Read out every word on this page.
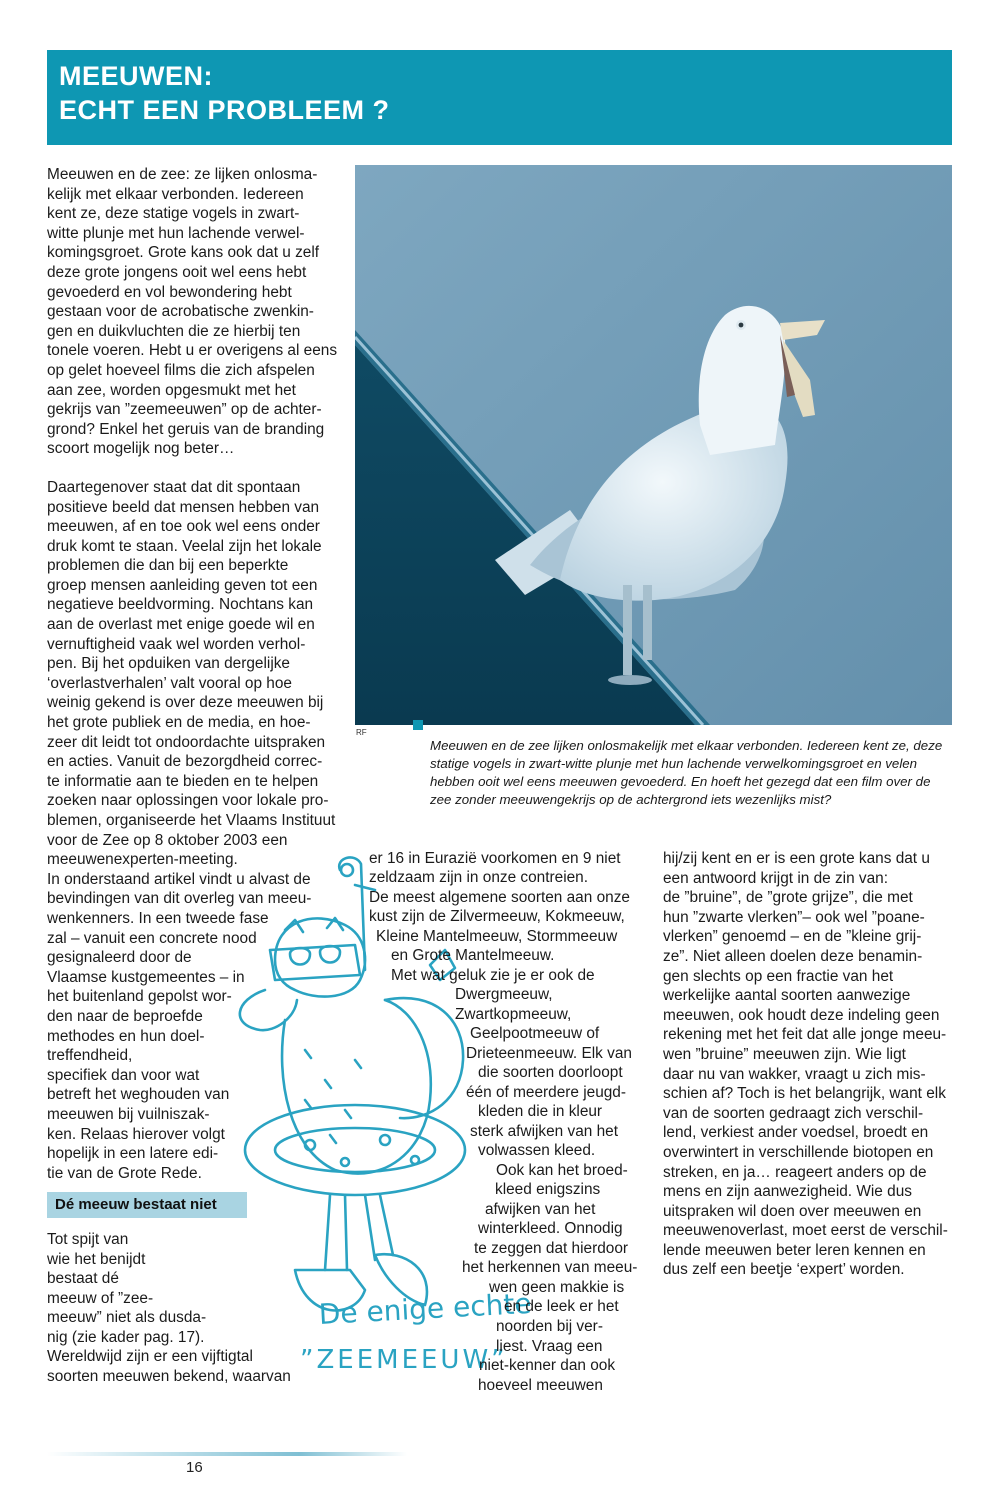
MEEUWEN:
ECHT EEN PROBLEEM ?
Meeuwen en de zee: ze lijken onlosma-
kelijk met elkaar verbonden. Iedereen
kent ze, deze statige vogels in zwart-
witte plunje met hun lachende verwel-
komingsgroet. Grote kans ook dat u zelf
deze grote jongens ooit wel eens hebt
gevoederd en vol bewondering hebt
gestaan voor de acrobatische zwenkin-
gen en duikvluchten die ze hierbij ten
tonele voeren. Hebt u er overigens al eens
op gelet hoeveel films die zich afspelen
aan zee, worden opgesmukt met het
gekrijs van ”zeemeeuwen” op de achter-
grond? Enkel het geruis van de branding
scoort mogelijk nog beter…
Daartegenover staat dat dit spontaan
positieve beeld dat mensen hebben van
meeuwen, af en toe ook wel eens onder
druk komt te staan. Veelal zijn het lokale
problemen die dan bij een beperkte
groep mensen aanleiding geven tot een
negatieve beeldvorming. Nochtans kan
aan de overlast met enige goede wil en
vernuftigheid vaak wel worden verhol-
pen. Bij het opduiken van dergelijke
‘overlastverhalen’ valt vooral op hoe
weinig gekend is over deze meeuwen bij
het grote publiek en de media, en hoe-
zeer dit leidt tot ondoordachte uitspraken
en acties. Vanuit de bezorgdheid correc-
te informatie aan te bieden en te helpen
zoeken naar oplossingen voor lokale pro-
blemen, organiseerde het Vlaams Instituut
voor de Zee op 8 oktober 2003 een
meeuwenexperten-meeting.
In onderstaand artikel vindt u alvast de
bevindingen van dit overleg van meeu-
wenkenners. In een tweede fase
zal – vanuit een concrete nood
gesignaleerd door de
Vlaamse kustgemeentes – in
het buitenland gepolst wor-
den naar de beproefde
methodes en hun doel-
treffendheid,
specifiek dan voor wat
betreft het weghouden van
meeuwen bij vuilniszak-
ken. Relaas hierover volgt
hopelijk in een latere edi-
tie van de Grote Rede.
RF
Meeuwen en de zee lijken onlosmakelijk met elkaar verbonden. Iedereen kent ze, deze statige vogels in zwart-witte plunje met hun lachende verwelkomingsgroet en velen hebben ooit wel eens meeuwen gevoederd. En hoeft het gezegd dat een film over de zee zonder meeuwengekrijs op de achtergrond iets wezenlijks mist?
Dé meeuw bestaat niet
hij/zij kent en er is een grote kans dat u
een antwoord krijgt in de zin van:
de ”bruine”, de ”grote grijze”, die met
hun ”zwarte vlerken”– ook wel ”poane-
vlerken” genoemd – en de ”kleine grij-
ze”. Niet alleen doelen deze benamin-
gen slechts op een fractie van het
werkelijke aantal soorten aanwezige
meeuwen, ook houdt deze indeling geen
rekening met het feit dat alle jonge meeu-
wen ”bruine” meeuwen zijn. Wie ligt
daar nu van wakker, vraagt u zich mis-
schien af? Toch is het belangrijk, want elk
van de soorten gedraagt zich verschil-
lend, verkiest ander voedsel, broedt en
overwintert in verschillende biotopen en
streken, en ja… reageert anders op de
mens en zijn aanwezigheid. Wie dus
uitspraken wil doen over meeuwen en
meeuwenoverlast, moet eerst de verschil-
lende meeuwen beter leren kennen en
dus zelf een beetje ‘expert’ worden.
De enige echte
”ZEEMEEUW”
16
Tot spijt van
wie het benijdt
bestaat dé
meeuw of ”zee-
meeuw” niet als dusda-
nig (zie kader pag. 17).
Wereldwijd zijn er een vijftigtal
soorten meeuwen bekend, waarvan
er 16 in Eurazië voorkomen en 9 niet
zeldzaam zijn in onze contreien.
De meest algemene soorten aan onze
kust zijn de Zilvermeeuw, Kokmeeuw,
Kleine Mantelmeeuw, Stormmeeuw
en Grote Mantelmeeuw.
Met wat geluk zie je er ook de
Dwergmeeuw,
Zwartkopmeeuw,
Geelpootmeeuw of
Drieteenmeeuw. Elk van
die soorten doorloopt
één of meerdere jeugd-
kleden die in kleur
sterk afwijken van het
volwassen kleed.
Ook kan het broed-
kleed enigszins
afwijken van het
winterkleed. Onnodig
te zeggen dat hierdoor
het herkennen van meeu-
wen geen makkie is
en de leek er het
noorden bij ver-
liest. Vraag een
niet-kenner dan ook
hoeveel meeuwen
